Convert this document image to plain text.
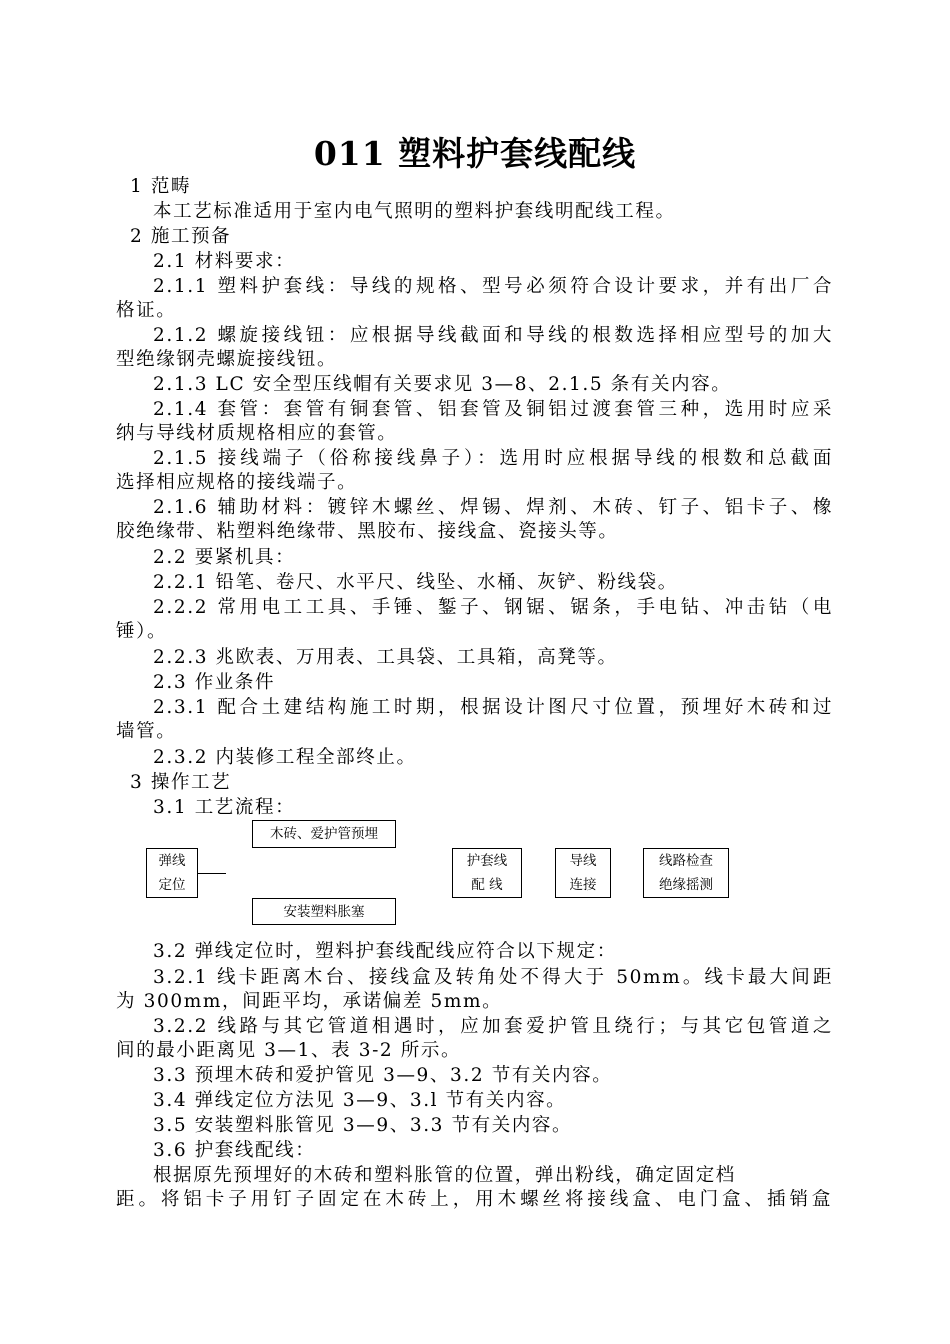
011 塑料护套线配线
1 范畴
本工艺标准适用于室内电气照明的塑料护套线明配线工程。
2 施工预备
2.1 材料要求：
2.1.1 塑料护套线：导线的规格、型号必须符合设计要求，并有出厂合
格证。
2.1.2 螺旋接线钮：应根据导线截面和导线的根数选择相应型号的加大
型绝缘钢壳螺旋接线钮。
2.1.3 LC 安全型压线帽有关要求见 3—8、2.1.5 条有关内容。
2.1.4 套管：套管有铜套管、铝套管及铜铝过渡套管三种，选用时应采
纳与导线材质规格相应的套管。
2.1.5 接线端子（俗称接线鼻子）：选用时应根据导线的根数和总截面
选择相应规格的接线端子。
2.1.6 辅助材料：镀锌木螺丝、焊锡、焊剂、木砖、钉子、铝卡子、橡
胶绝缘带、粘塑料绝缘带、黑胶布、接线盒、瓷接头等。
2.2 要紧机具：
2.2.1 铅笔、卷尺、水平尺、线坠、水桶、灰铲、粉线袋。
2.2.2 常用电工工具、手锤、錾子、钢锯、锯条，手电钻、冲击钻（电
锤）。
2.2.3 兆欧表、万用表、工具袋、工具箱，高凳等。
2.3 作业条件
2.3.1 配合土建结构施工时期，根据设计图尺寸位置，预埋好木砖和过
墙管。
2.3.2 内装修工程全部终止。
3 操作工艺
3.1 工艺流程：
木砖、爱护管预埋
弹线
定位
护套线
配 线
导线
连接
线路检查
绝缘摇测
安装塑料胀塞
3.2 弹线定位时，塑料护套线配线应符合以下规定：
3.2.1 线卡距离木台、接线盒及转角处不得大于 50mm。线卡最大间距
为 300mm，间距平均，承诺偏差 5mm。
3.2.2 线路与其它管道相遇时，应加套爱护管且绕行；与其它包管道之
间的最小距离见 3—1、表 3-2 所示。
3.3 预埋木砖和爱护管见 3—9、3.2 节有关内容。
3.4 弹线定位方法见 3—9、3.l 节有关内容。
3.5 安装塑料胀管见 3—9、3.3 节有关内容。
3.6 护套线配线：
根据原先预埋好的木砖和塑料胀管的位置，弹出粉线，确定固定档
距。将铝卡子用钉子固定在木砖上，用木螺丝将接线盒、电门盒、插销盒
